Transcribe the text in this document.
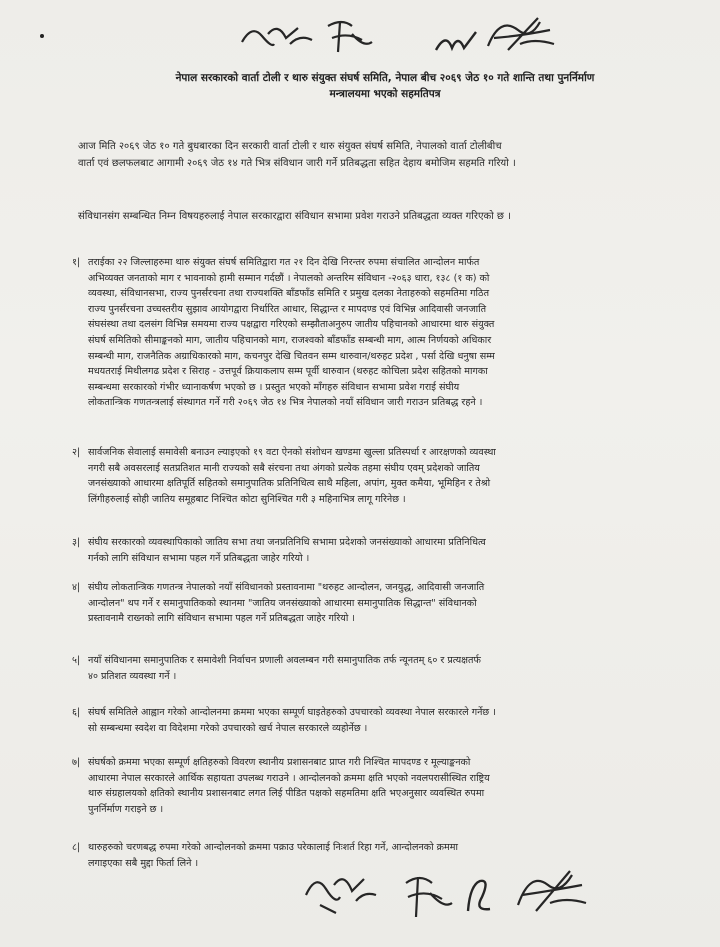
नेपाल सरकारको वार्ता टोली र थारु संयुक्त संघर्ष समिति, नेपाल बीच २०६९ जेठ १० गते शान्ति तथा पुनर्निर्माण
मन्त्रालयमा भएको सहमतिपत्र
आज मिति २०६९ जेठ १० गते बुधबारका दिन सरकारी वार्ता टोली र थारु संयुक्त संघर्ष समिति, नेपालको वार्ता टोलीबीच
वार्ता एवं छलफलबाट आगामी २०६९ जेठ १४ गते भित्र संविधान जारी गर्ने प्रतिबद्धता सहित देहाय बमोजिम सहमति गरियो ।
संविधानसंग सम्बन्धित निम्न विषयहरुलाई नेपाल सरकारद्वारा संविधान सभामा प्रवेश गराउने प्रतिबद्धता व्यक्त गरिएको छ ।
१| तराईका २२ जिल्लाहरुमा थारु संयुक्त संघर्ष समितिद्वारा गत २१ दिन देखि निरन्तर रुपमा संचालित आन्दोलन मार्फत
अभिव्यक्त जनताको माग र भावनाको हामी सम्मान गर्दछौं । नेपालको अन्तरिम संविधान -२०६३ धारा, १३८ (१ क) को
व्यवस्था, संविधानसभा, राज्य पुनर्संरचना तथा राज्यशक्ति बाँडफाँड समिति र प्रमुख दलका नेताहरुको सहमतिमा गठित
राज्य पुनर्संरचना उच्चस्तरीय सुझाव आयोगद्वारा निर्धारित आधार, सिद्धान्त र मापदण्ड एवं विभिन्न आदिवासी जनजाति
संघसंस्था तथा दलसंग विभिन्न समयमा राज्य पक्षद्वारा गरिएको सम्झौताअनुरुप जातीय पहिचानको आधारमा थारु संयुक्त
संघर्ष समितिको सीमाङ्कनको माग, जातीय पहिचानको माग, राजश्वको बाँडफाँड सम्बन्धी माग, आत्म निर्णयको अधिकार
सम्बन्धी माग, राजनैतिक अग्राधिकारको माग, कचनपुर देखि चितवन सम्म थारुवान/थरुहट प्रदेश , पर्सा देखि धनुषा सम्म
मधयतराई मिथीलगढ प्रदेश र सिराह - उत्तपूर्व क्रियाकलाप सम्म पूर्वी थारुवान (थरुहट कोचिला प्रदेश सहितको मागका
सम्बन्धमा सरकारको गंभीर ध्यानाकर्षण भएको छ । प्रस्तुत भएको माँगहरु संविधान सभामा प्रवेश गराई संघीय
लोकतान्त्रिक गणतन्त्रलाई संस्थागत गर्ने गरी २०६९ जेठ १४ भित्र नेपालको नयाँ संविधान जारी गराउन प्रतिबद्ध रहने ।
२| सार्वजनिक सेवालाई समावेसी बनाउन ल्याइएको १९ वटा ऐनको संशोधन खण्डमा खुल्ला प्रतिस्पर्धा र आरक्षणको व्यवस्था
नगरी सबै अवसरलाई सतप्रतिशत मानी राज्यको सबै संरचना तथा अंगको प्रत्येक तहमा संघीय एवम् प्रदेशको जातिय
जनसंख्याको आधारमा क्षतिपूर्ति सहितको समानुपातिक प्रतिनिधित्व साथै महिला, अपांग, मुक्त कमैया, भूमिहिन र तेश्रो
लिंगीहरुलाई सोही जातिय समूहबाट निश्चित कोटा सुनिश्चित गरी ३ महिनाभित्र लागू गरिनेछ ।
३| संघीय सरकारको व्यवस्थापिकाको जातिय सभा तथा जनप्रतिनिधि सभामा प्रदेशको जनसंख्याको आधारमा प्रतिनिधित्व
गर्नको लागि संविधान सभामा पहल गर्ने प्रतिबद्धता जाहेर गरियो ।
४| संघीय लोकतान्त्रिक गणतन्त्र नेपालको नयाँ संविधानको प्रस्तावनामा "थरुहट आन्दोलन, जनयुद्ध, आदिवासी जनजाति
आन्दोलन" थप गर्ने र समानुपातिकको स्थानमा "जातिय जनसंख्याको आधारमा समानुपातिक सिद्धान्त" संविधानको
प्रस्तावनामै राख्नको लागि संविधान सभामा पहल गर्ने प्रतिबद्धता जाहेर गरियो ।
५| नयाँ संविधानमा समानुपातिक र समावेशी निर्वाचन प्रणाली अवलम्बन गरी समानुपातिक तर्फ न्यूनतम् ६० र प्रत्यक्षतर्फ
४० प्रतिशत व्यवस्था गर्ने ।
६| संघर्ष समितिले आह्वान गरेको आन्दोलनमा क्रममा भएका सम्पूर्ण घाइतेहरुको उपचारको व्यवस्था नेपाल सरकारले गर्नेछ ।
सो सम्बन्धमा स्वदेश वा विदेशमा गरेको उपचारको खर्च नेपाल सरकारले व्यहोर्नेछ ।
७| संघर्षको क्रममा भएका सम्पूर्ण क्षतिहरुको विवरण स्थानीय प्रशासनबाट प्राप्त गरी निश्चित मापदण्ड र मूल्याङ्कनको
आधारमा नेपाल सरकारले आर्थिक सहायता उपलब्ध गराउने । आन्दोलनको क्रममा क्षति भएको नवलपरासीस्थित राष्ट्रिय
थारु संग्रहालयको क्षतिको स्थानीय प्रशासनबाट लगत लिई पीडित पक्षको सहमतिमा क्षति भएअनुसार व्यवस्थित रुपमा
पुनर्निर्माण गराइने छ ।
८| थारुहरुको चरणबद्ध रुपमा गरेको आन्दोलनको क्रममा पक्राउ परेकालाई निःशर्त रिहा गर्ने, आन्दोलनको क्रममा
लगाइएका सबै मुद्दा फिर्ता लिने ।
